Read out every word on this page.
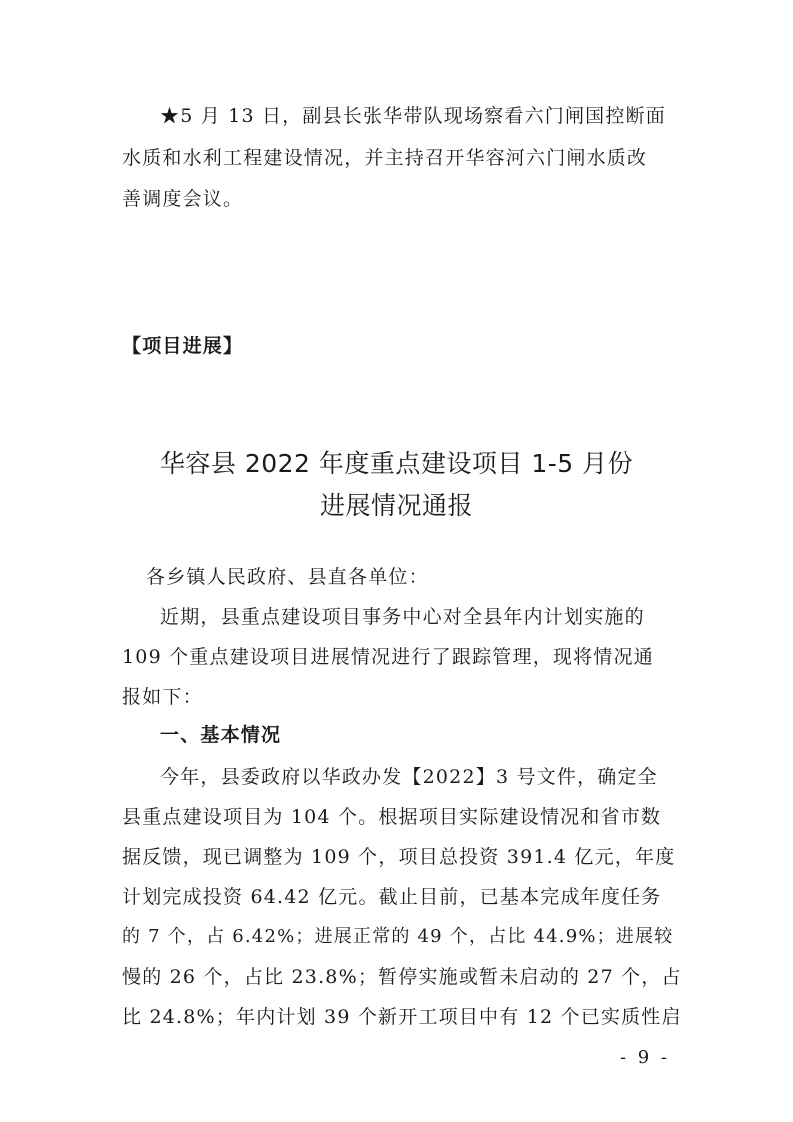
★5 月 13 日，副县长张华带队现场察看六门闸国控断面
水质和水利工程建设情况，并主持召开华容河六门闸水质改
善调度会议。
【项目进展】
华容县 2022 年度重点建设项目 1-5 月份
进展情况通报
各乡镇人民政府、县直各单位：
近期，县重点建设项目事务中心对全县年内计划实施的
109 个重点建设项目进展情况进行了跟踪管理，现将情况通
报如下：
一、基本情况
今年，县委政府以华政办发【2022】3 号文件，确定全
县重点建设项目为 104 个。根据项目实际建设情况和省市数
据反馈，现已调整为 109 个，项目总投资 391.4 亿元，年度
计划完成投资 64.42 亿元。截止目前，已基本完成年度任务
的 7 个，占 6.42%；进展正常的 49 个，占比 44.9%；进展较
慢的 26 个，占比 23.8%；暂停实施或暂未启动的 27 个，占
比 24.8%；年内计划 39 个新开工项目中有 12 个已实质性启
- 9 -
